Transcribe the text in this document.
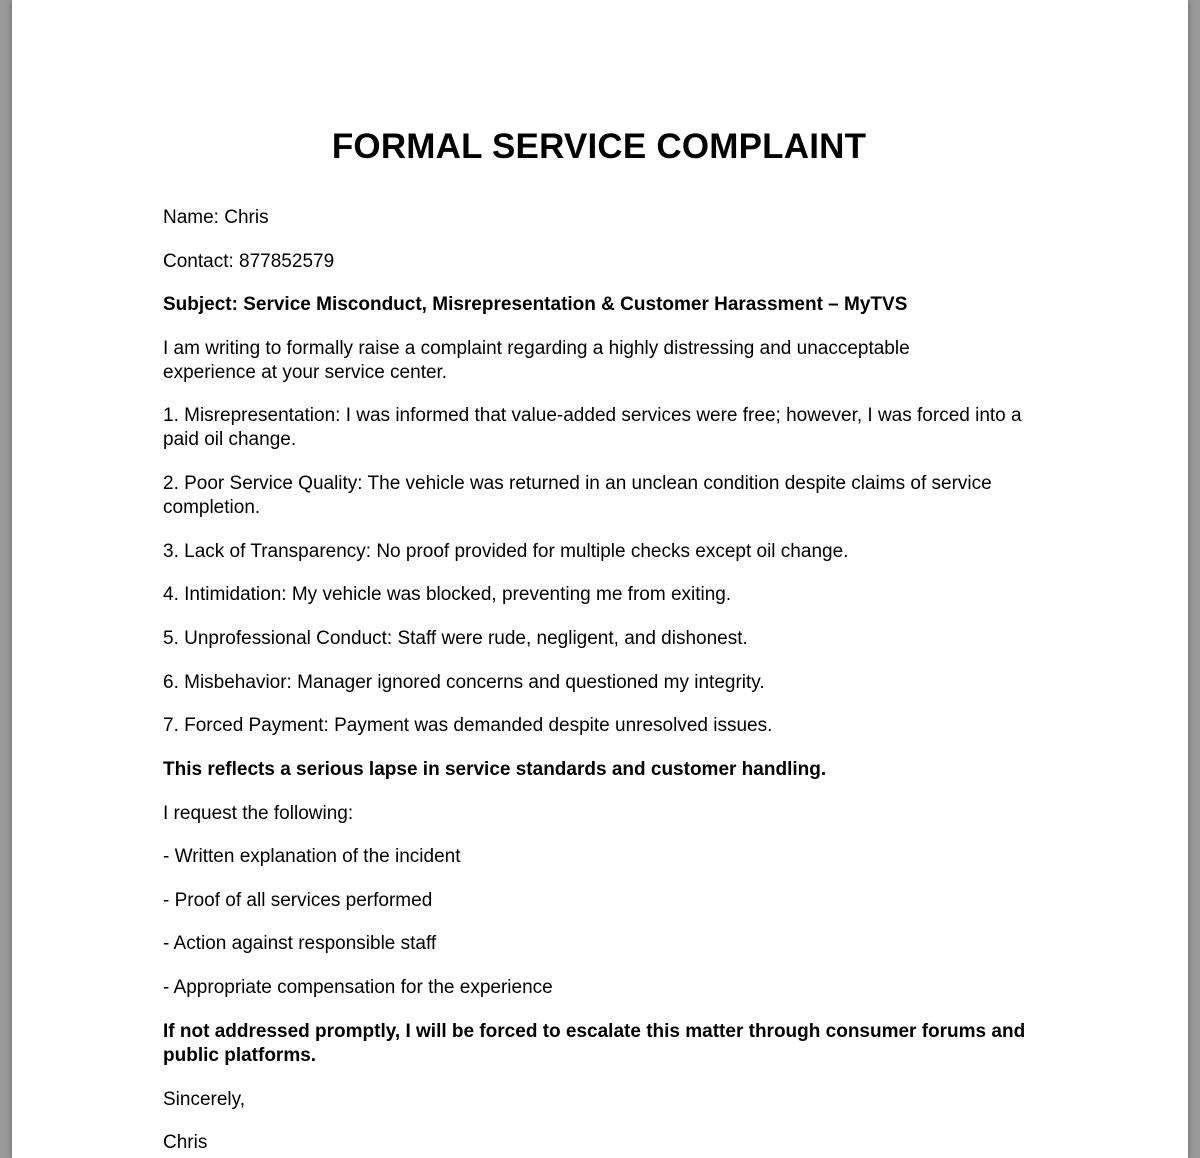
FORMAL SERVICE COMPLAINT

Name: Chris

Contact: 877852579

Subject: Service Misconduct, Misrepresentation & Customer Harassment – MyTVS

I am writing to formally raise a complaint regarding a highly distressing and unacceptable experience at your service center.

1. Misrepresentation: I was informed that value-added services were free; however, I was forced into a paid oil change.

2. Poor Service Quality: The vehicle was returned in an unclean condition despite claims of service completion.

3. Lack of Transparency: No proof provided for multiple checks except oil change.

4. Intimidation: My vehicle was blocked, preventing me from exiting.

5. Unprofessional Conduct: Staff were rude, negligent, and dishonest.

6. Misbehavior: Manager ignored concerns and questioned my integrity.

7. Forced Payment: Payment was demanded despite unresolved issues.

This reflects a serious lapse in service standards and customer handling.

I request the following:

- Written explanation of the incident

- Proof of all services performed

- Action against responsible staff

- Appropriate compensation for the experience

If not addressed promptly, I will be forced to escalate this matter through consumer forums and public platforms.

Sincerely,

Chris
